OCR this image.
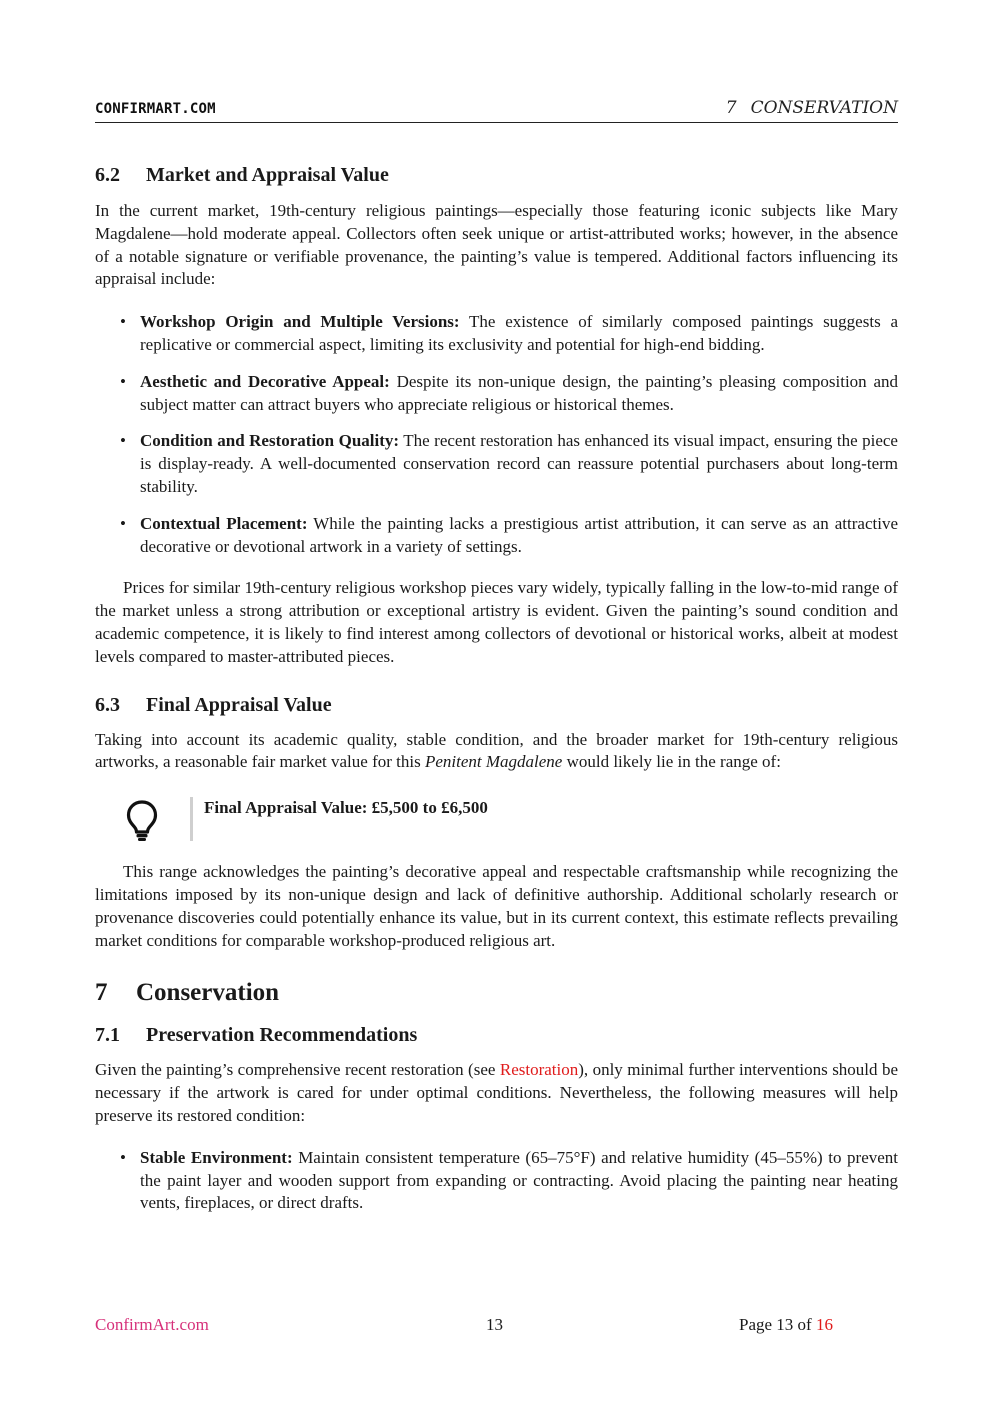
CONFIRMART.COM	7 CONSERVATION
6.2 Market and Appraisal Value

In the current market, 19th-century religious paintings—especially those featuring iconic subjects like Mary Magdalene—hold moderate appeal. Collectors often seek unique or artist-attributed works; however, in the absence of a notable signature or verifiable provenance, the painting’s value is tempered. Additional factors influencing its appraisal include:

• Workshop Origin and Multiple Versions: The existence of similarly composed paintings suggests a replicative or commercial aspect, limiting its exclusivity and potential for high-end bidding.
• Aesthetic and Decorative Appeal: Despite its non-unique design, the painting’s pleasing composition and subject matter can attract buyers who appreciate religious or historical themes.
• Condition and Restoration Quality: The recent restoration has enhanced its visual impact, ensuring the piece is display-ready. A well-documented conservation record can reassure potential purchasers about long-term stability.
• Contextual Placement: While the painting lacks a prestigious artist attribution, it can serve as an attractive decorative or devotional artwork in a variety of settings.

Prices for similar 19th-century religious workshop pieces vary widely, typically falling in the low-to-mid range of the market unless a strong attribution or exceptional artistry is evident. Given the painting’s sound condition and academic competence, it is likely to find interest among collectors of devotional or historical works, albeit at modest levels compared to master-attributed pieces.

6.3 Final Appraisal Value

Taking into account its academic quality, stable condition, and the broader market for 19th-century religious artworks, a reasonable fair market value for this Penitent Magdalene would likely lie in the range of:

Final Appraisal Value: £5,500 to £6,500

This range acknowledges the painting’s decorative appeal and respectable craftsmanship while recognizing the limitations imposed by its non-unique design and lack of definitive authorship. Additional scholarly research or provenance discoveries could potentially enhance its value, but in its current context, this estimate reflects prevailing market conditions for comparable workshop-produced religious art.

7 Conservation
7.1 Preservation Recommendations

Given the painting’s comprehensive recent restoration (see Restoration), only minimal further interventions should be necessary if the artwork is cared for under optimal conditions. Nevertheless, the following measures will help preserve its restored condition:

• Stable Environment: Maintain consistent temperature (65–75°F) and relative humidity (45–55%) to prevent the paint layer and wooden support from expanding or contracting. Avoid placing the painting near heating vents, fireplaces, or direct drafts.
ConfirmArt.com	13	Page 13 of 16
